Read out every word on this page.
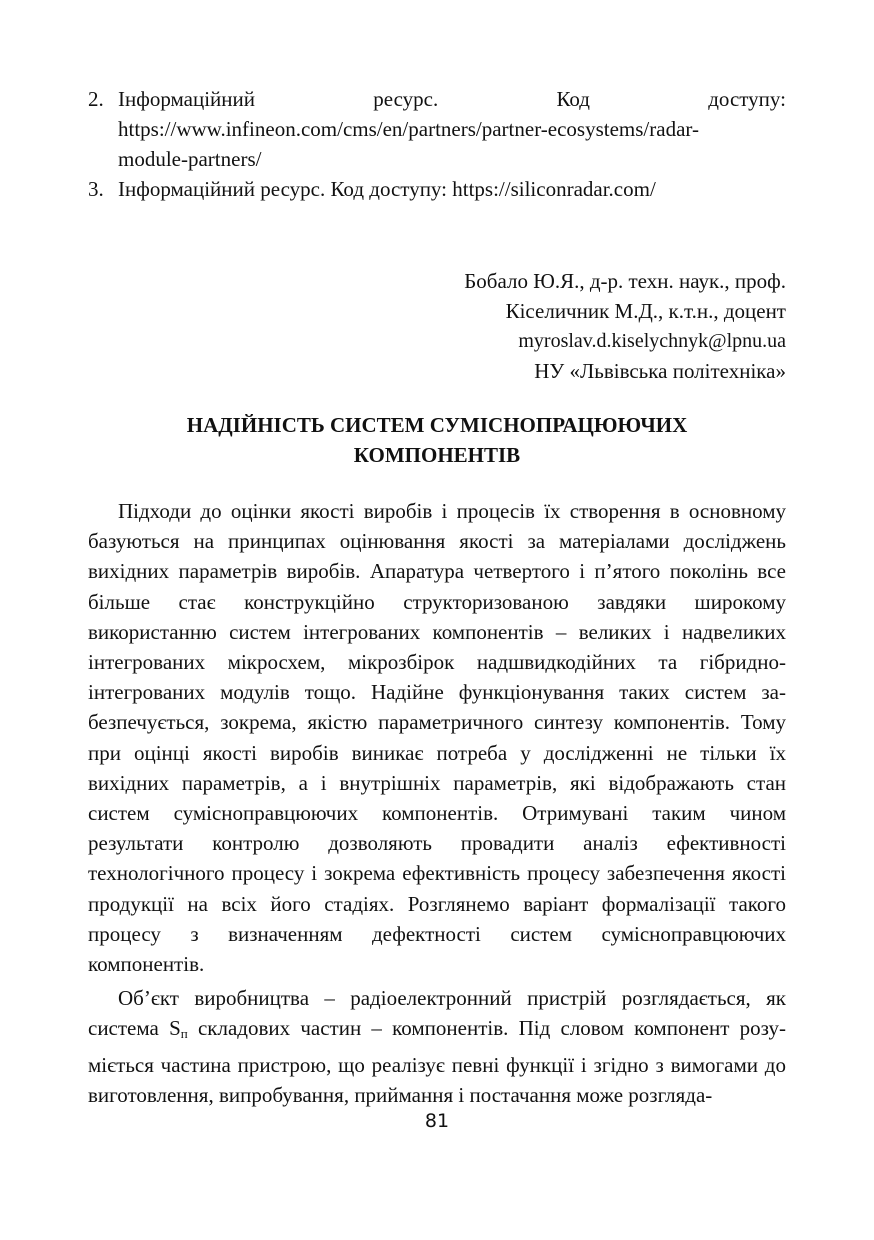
2. Інформаційний	ресурс.	Код	доступу:
https://www.infineon.com/cms/en/partners/partner-ecosystems/radar-
module-partners/
3. Інформаційний ресурс. Код доступу: https://siliconradar.com/
Бобало Ю.Я., д-р. техн. наук., проф.
Кіселичник М.Д., к.т.н., доцент
myroslav.d.kiselychnyk@lpnu.ua
НУ «Львівська політехніка»
НАДІЙНІСТЬ СИСТЕМ СУМІСНОПРАЦЮЮЧИХ
КОМПОНЕНТІВ

Підходи до оцінки якості виробів і процесів їх створення в основному базуються на принципах оцінювання якості за матеріалами досліджень вихідних параметрів виробів. Апаратура четвертого і п’ятого поколінь все більше стає конструкційно структоризованою завдяки широкому використанню систем інтегрованих компонентів – великих і надвеликих інтегрованих мікросхем, мікрозбірок надшвидкодійних та гібридно-інтегрованих модулів тощо. Надійне функціонування таких систем забезпечується, зокрема, якістю параметричного синтезу компонентів. Тому при оцінці якості виробів виникає потреба у дослідженні не тільки їх вихідних параметрів, а і внутрішніх параметрів, які відображають стан систем сумісноправцюючих компонентів. Отримувані таким чином результати контролю дозволяють провадити аналіз ефективності технологічного процесу і зокрема ефективність процесу забезпечення якості продукції на всіх його стадіях. Розглянемо варіант формалізації такого процесу з визначенням дефектності систем сумісноправцюючих компонентів.

Об’єкт виробництва – радіоелектронний пристрій розглядається, як система $S_п$ складових частин – компонентів. Під словом компонент розуміється частина пристрою, що реалізує певні функції і згідно з вимогами до виготовлення, випробування, приймання і постачання може розгляда-

81
